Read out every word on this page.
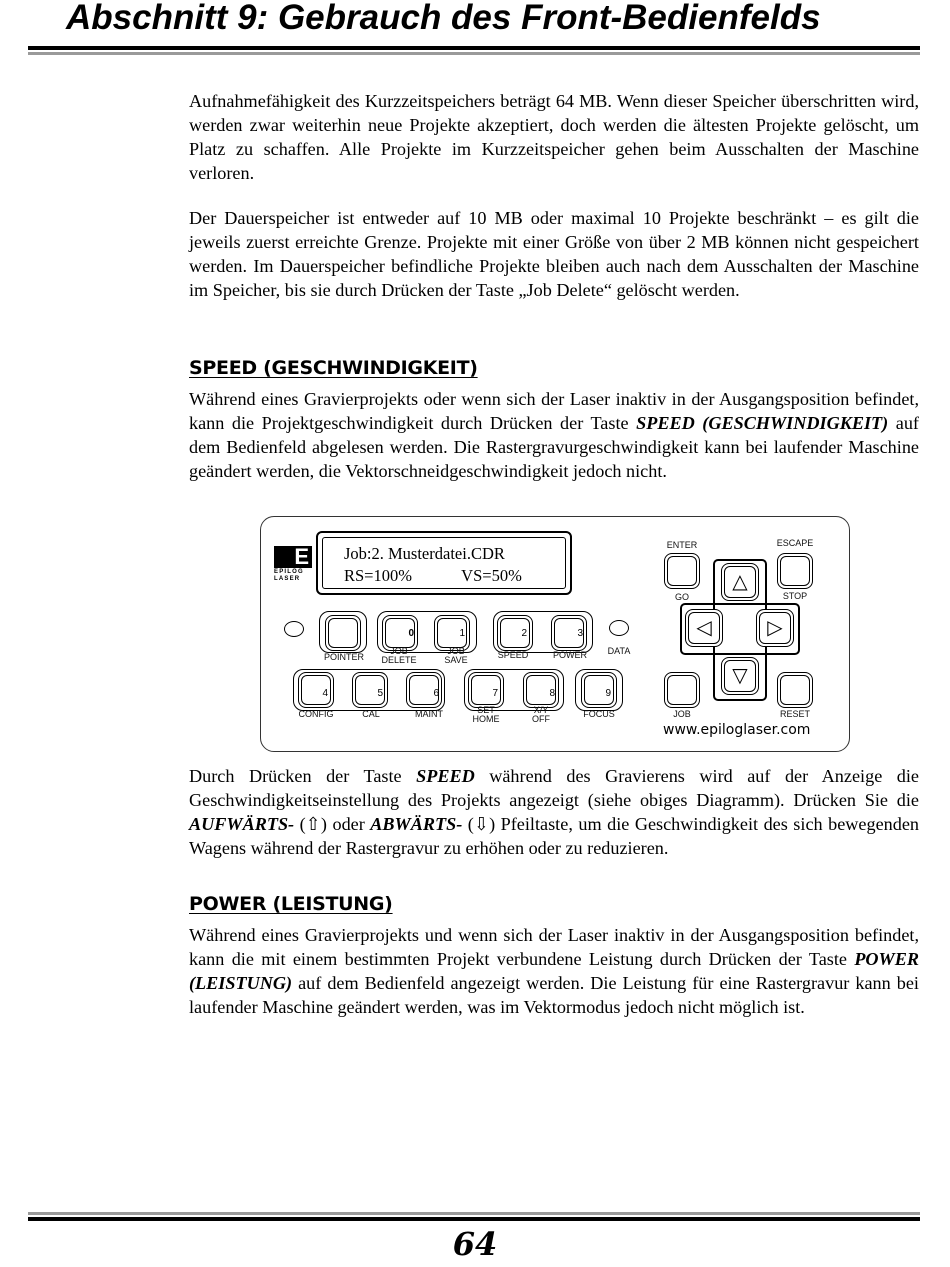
Abschnitt 9: Gebrauch des Front-Bedienfelds

Aufnahmefähigkeit des Kurzzeitspeichers beträgt 64 MB. Wenn dieser Speicher überschritten wird, werden zwar weiterhin neue Projekte akzeptiert, doch werden die ältesten Projekte gelöscht, um Platz zu schaffen. Alle Projekte im Kurzzeitspeicher gehen beim Ausschalten der Maschine verloren.

Der Dauerspeicher ist entweder auf 10 MB oder maximal 10 Projekte beschränkt – es gilt die jeweils zuerst erreichte Grenze. Projekte mit einer Größe von über 2 MB können nicht gespeichert werden. Im Dauerspeicher befindliche Projekte bleiben auch nach dem Ausschalten der Maschine im Speicher, bis sie durch Drücken der Taste „Job Delete“ gelöscht werden.

SPEED (GESCHWINDIGKEIT)

Während eines Gravierprojekts oder wenn sich der Laser inaktiv in der Ausgangsposition befindet, kann die Projektgeschwindigkeit durch Drücken der Taste SPEED (GESCHWINDIGKEIT) auf dem Bedienfeld abgelesen werden. Die Rastergravurgeschwindigkeit kann bei laufender Maschine geändert werden, die Vektorschneidgeschwindigkeit jedoch nicht.

E
EPILOG
LASER
Job:2. Musterdatei.CDR
RS=100%            VS=50%
POINTER
0	1
JOB
DELETE
JOB
SAVE
2	3
SPEED	POWER	DATA
4	5	6
CONFIG	CAL	MAINT
7	8
SET
HOME
X/Y
OFF
9
FOCUS
ENTER
GO
ESCAPE
STOP
△
◁	▷
▽
JOB	RESET
www.epiloglaser.com

Durch Drücken der Taste SPEED während des Gravierens wird auf der Anzeige die Geschwindigkeitseinstellung des Projekts angezeigt (siehe obiges Diagramm). Drücken Sie die AUFWÄRTS- (⇧) oder ABWÄRTS- (⇩) Pfeiltaste, um die Geschwindigkeit des sich bewegenden Wagens während der Rastergravur zu erhöhen oder zu reduzieren.

POWER (LEISTUNG)

Während eines Gravierprojekts und wenn sich der Laser inaktiv in der Ausgangsposition befindet, kann die mit einem bestimmten Projekt verbundene Leistung durch Drücken der Taste POWER (LEISTUNG) auf dem Bedienfeld angezeigt werden. Die Leistung für eine Rastergravur kann bei laufender Maschine geändert werden, was im Vektormodus jedoch nicht möglich ist.

64
